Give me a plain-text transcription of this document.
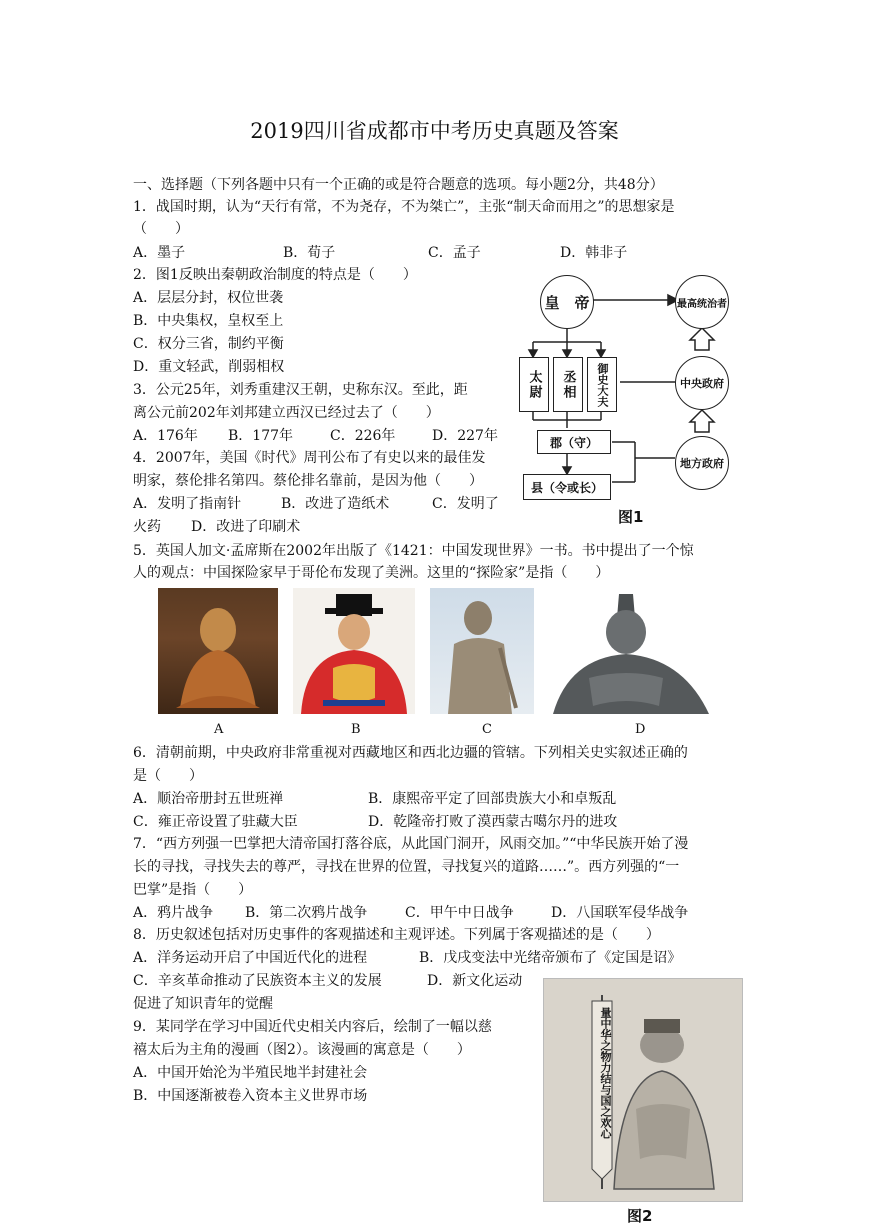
2019四川省成都市中考历史真题及答案
一、选择题（下列各题中只有一个正确的或是符合题意的选项。每小题2分，共48分）
1．战国时期，认为“天行有常，不为尧存，不为桀亡”，主张“制天命而用之”的思想家是
（　　）
A．墨子	B．荀子	C．孟子	D．韩非子
2．图1反映出秦朝政治制度的特点是（　　）
A．层层分封，权位世袭
B．中央集权，皇权至上
C．权分三省，制约平衡
D．重文轻武，削弱相权
3．公元25年，刘秀重建汉王朝，史称东汉。至此，距
离公元前202年刘邦建立西汉已经过去了（　　）
A．176年 B．177年	C．226年	D．227年
4．2007年，美国《时代》周刊公布了有史以来的最佳发
明家，蔡伦排名第四。蔡伦排名靠前，是因为他（　　）
A．发明了指南针	B．改进了造纸术	C．发明了
火药 D．改进了印刷术
皇　帝
太尉	丞相	御史大夫
郡（守）
县（令或长）
最高统治者
中央政府
地方政府
图1
5．英国人加文·孟席斯在2002年出版了《1421：中国发现世界》一书。书中提出了一个惊
人的观点：中国探险家早于哥伦布发现了美洲。这里的“探险家”是指（　　）
A	B	C	D
6．清朝前期，中央政府非常重视对西藏地区和西北边疆的管辖。下列相关史实叙述正确的
是（　　）
A．顺治帝册封五世班禅	B．康熙帝平定了回部贵族大小和卓叛乱
C．雍正帝设置了驻藏大臣	D．乾隆帝打败了漠西蒙古噶尔丹的进攻
7．“西方列强一巴掌把大清帝国打落谷底，从此国门洞开，风雨交加。”“中华民族开始了漫
长的寻找，寻找失去的尊严，寻找在世界的位置，寻找复兴的道路……”。西方列强的“一
巴掌”是指（　　）
A．鸦片战争 B．第二次鸦片战争	C．甲午中日战争	D．八国联军侵华战争
8．历史叙述包括对历史事件的客观描述和主观评述。下列属于客观描述的是（　　）
A．洋务运动开启了中国近代化的进程	B．戊戌变法中光绪帝颁布了《定国是诏》
C．辛亥革命推动了民族资本主义的发展	D．新文化运动
促进了知识青年的觉醒
9．某同学在学习中国近代史相关内容后，绘制了一幅以慈
禧太后为主角的漫画（图2）。该漫画的寓意是（　　）
A．中国开始沦为半殖民地半封建社会
B．中国逐渐被卷入资本主义世界市场	量中华之物力结与国之欢心
图2
